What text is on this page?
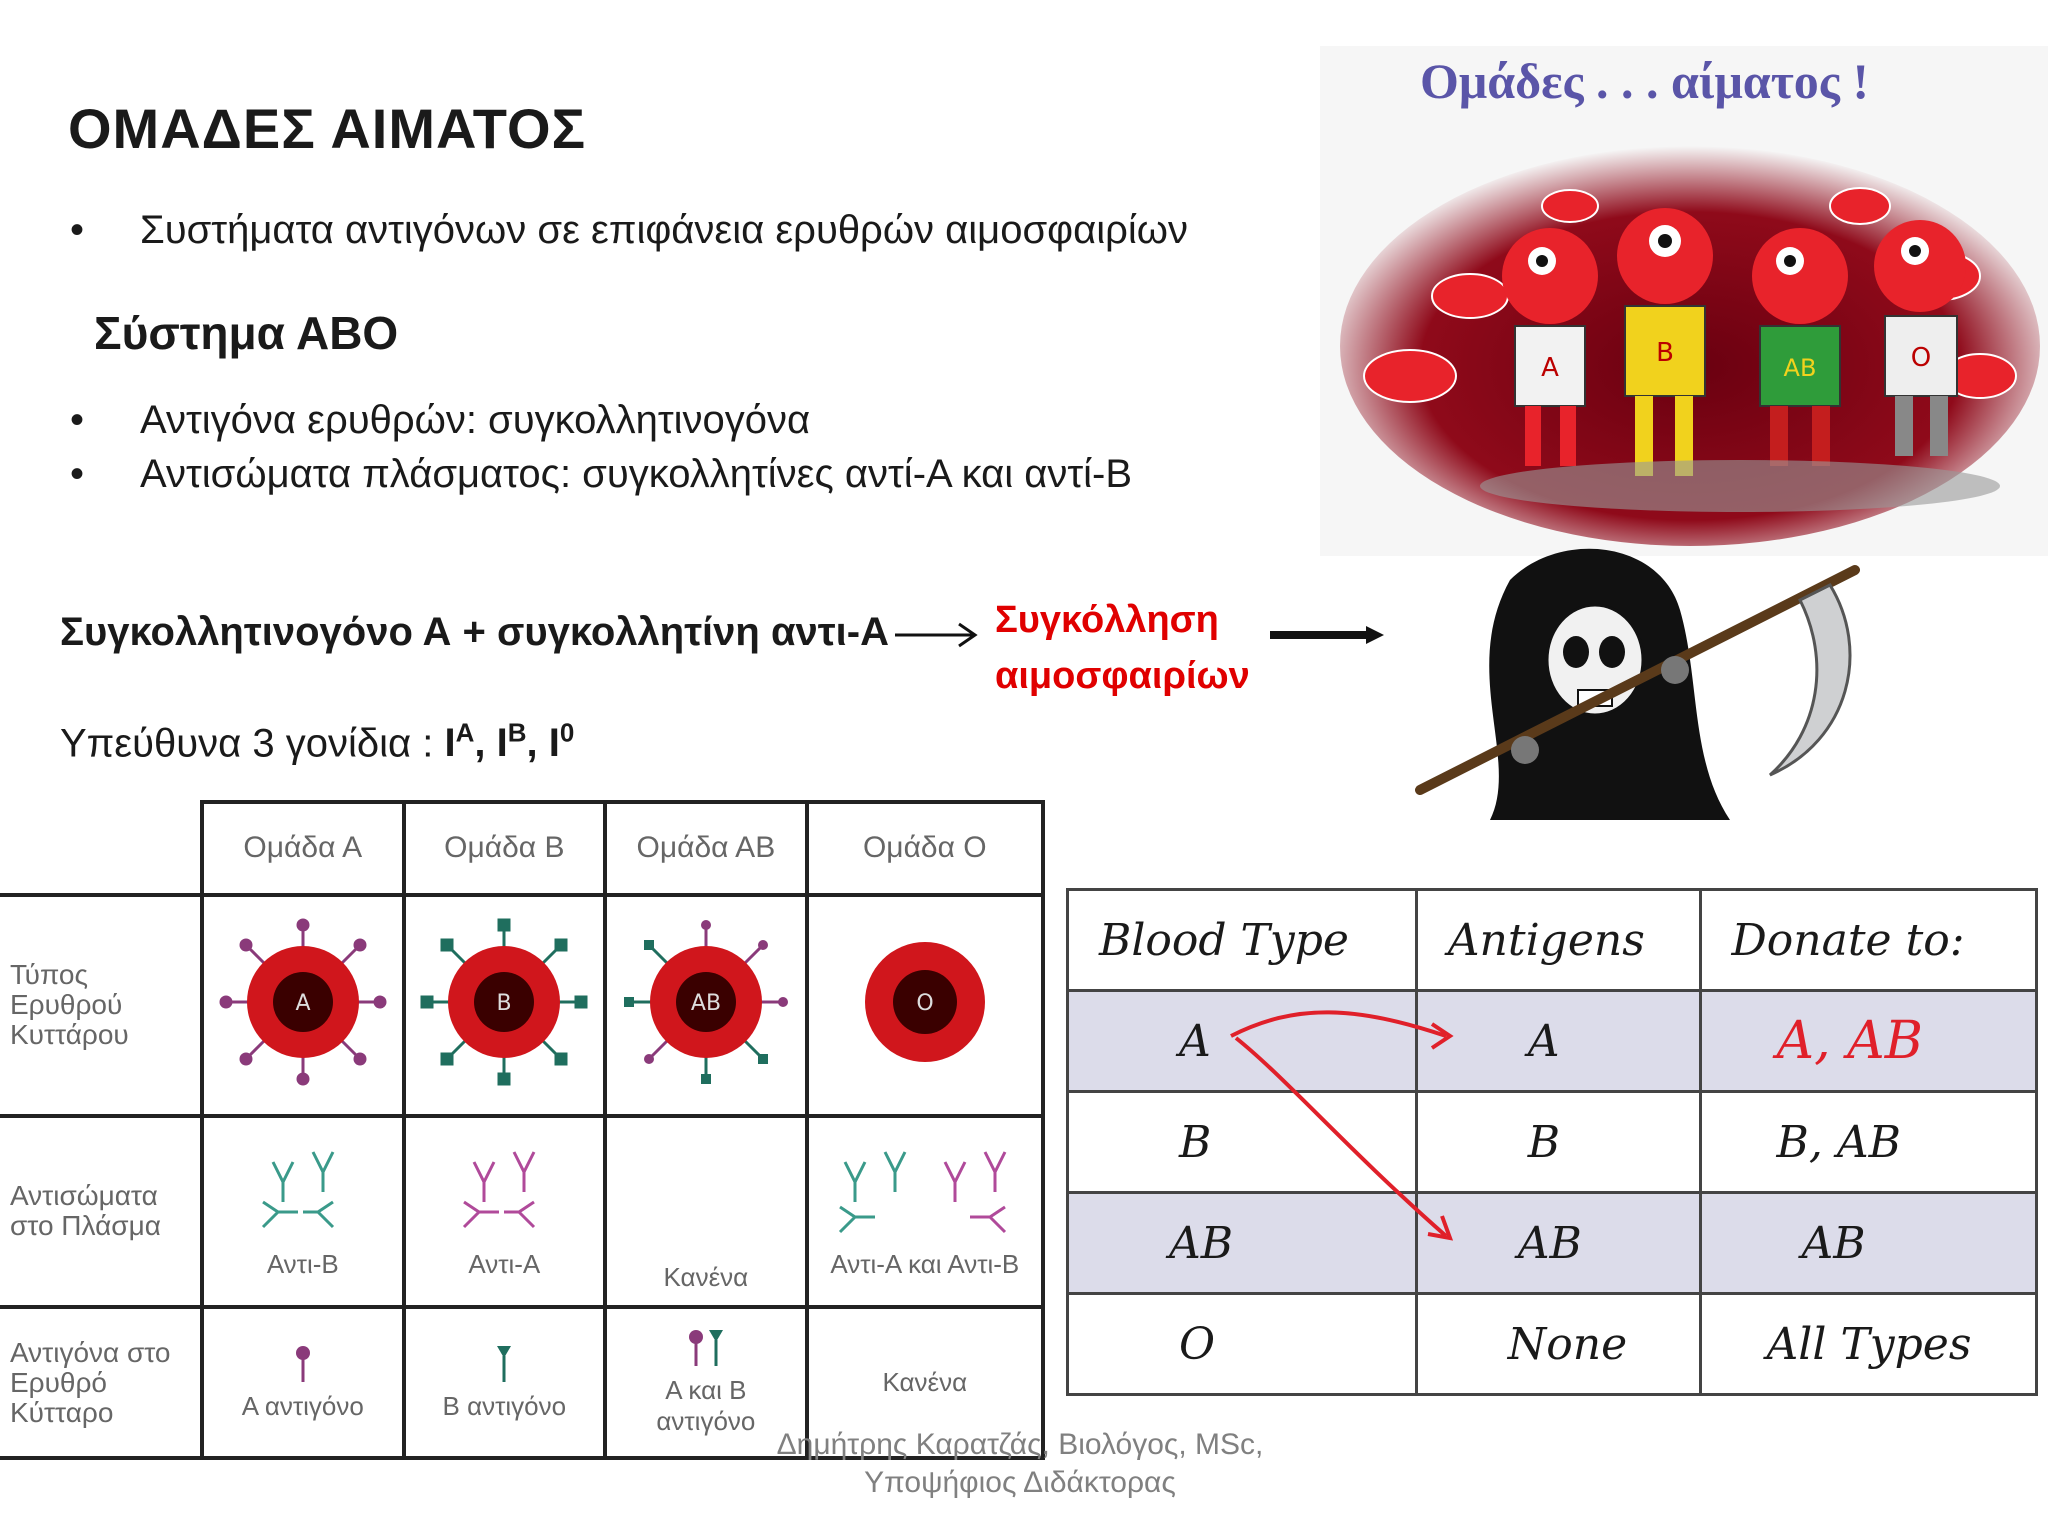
ΟΜΑΔΕΣ ΑΙΜΑΤΟΣ
• Συστήματα αντιγόνων σε επιφάνεια ερυθρών αιμοσφαιρίων
Σύστημα ΑΒΟ
• Αντιγόνα ερυθρών: συγκολλητινογόνα
• Αντισώματα πλάσματος: συγκολλητίνες αντί-Α και αντί-Β
Συγκολλητινογόνο Α + συγκολλητίνη αντι-Α	Συγκόλληση
αιμοσφαιρίων
Υπεύθυνα 3 γονίδια : $I^A$, $I^B$, $I^0$
A	B	AB	O
Ομάδες . . . αίματος !
	Ομάδα Α	Ομάδα Β	Ομάδα ΑΒ	Ομάδα Ο
Τύπος Ερυθρού Κυττάρου	A	B	AB	O

Αντισώματα στο Πλάσμα	Αντι-Β	Αντι-Α	Κανένα	Αντι-Α και Αντι-Β

Αντιγόνα στο Ερυθρό Κύτταρο	Α αντιγόνο	Β αντιγόνο	Α και Β αντιγόνο	Κανένα
Blood Type	Antigens	Donate to:
A	A	A, AB
B	B	B, AB
AB	AB	AB
O	None	All Types
Δημήτρης Καρατζάς, Βιολόγος, MSc,
Υποψήφιος Διδάκτορας
